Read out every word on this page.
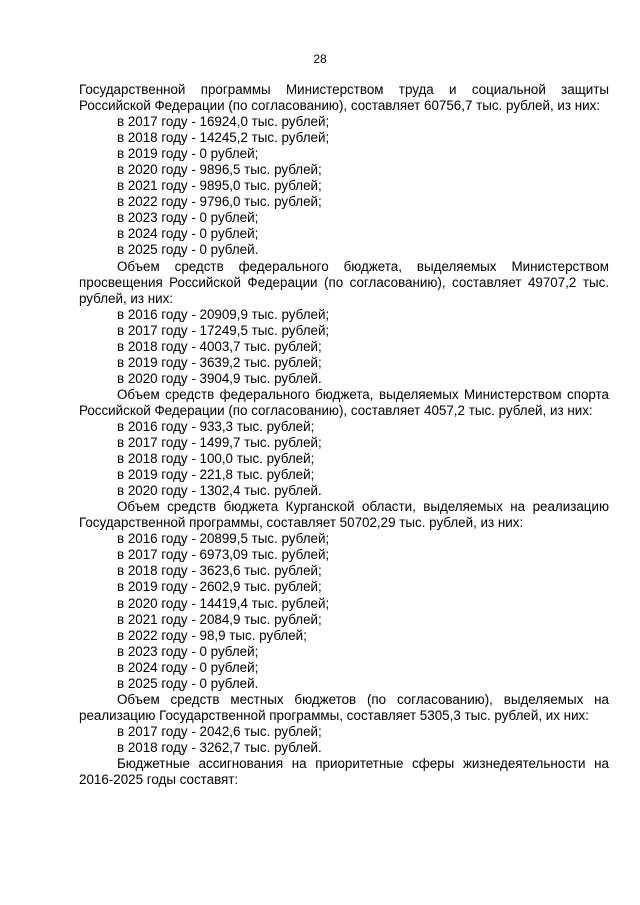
28

Государственной программы Министерством труда и социальной защиты Российской Федерации (по согласованию), составляет 60756,7 тыс. рублей, из них:

в 2017 году - 16924,0 тыс. рублей;

в 2018 году - 14245,2 тыс. рублей;

в 2019 году - 0 рублей;

в 2020 году - 9896,5 тыс. рублей;

в 2021 году - 9895,0 тыс. рублей;

в 2022 году - 9796,0 тыс. рублей;

в 2023 году - 0 рублей;

в 2024 году - 0 рублей;

в 2025 году - 0 рублей.

Объем средств федерального бюджета, выделяемых Министерством просвещения Российской Федерации (по согласованию), составляет 49707,2 тыс. рублей, из них:

в 2016 году - 20909,9 тыс. рублей;

в 2017 году - 17249,5 тыс. рублей;

в 2018 году - 4003,7 тыс. рублей;

в 2019 году - 3639,2 тыс. рублей;

в 2020 году - 3904,9 тыс. рублей.

Объем средств федерального бюджета, выделяемых Министерством спорта Российской Федерации (по согласованию), составляет 4057,2 тыс. рублей, из них:

в 2016 году - 933,3 тыс. рублей;

в 2017 году - 1499,7 тыс. рублей;

в 2018 году - 100,0 тыс. рублей;

в 2019 году - 221,8 тыс. рублей;

в 2020 году - 1302,4 тыс. рублей.

Объем средств бюджета Курганской области, выделяемых на реализацию Государственной программы, составляет 50702,29 тыс. рублей, из них:

в 2016 году - 20899,5 тыс. рублей;

в 2017 году - 6973,09 тыс. рублей;

в 2018 году - 3623,6 тыс. рублей;

в 2019 году - 2602,9 тыс. рублей;

в 2020 году - 14419,4 тыс. рублей;

в 2021 году - 2084,9 тыс. рублей;

в 2022 году - 98,9 тыс. рублей;

в 2023 году - 0 рублей;

в 2024 году - 0 рублей;

в 2025 году - 0 рублей.

Объем средств местных бюджетов (по согласованию), выделяемых на реализацию Государственной программы, составляет 5305,3 тыс. рублей, их них:

в 2017 году - 2042,6 тыс. рублей;

в 2018 году - 3262,7 тыс. рублей.

Бюджетные ассигнования на приоритетные сферы жизнедеятельности на 2016-2025 годы составят:
